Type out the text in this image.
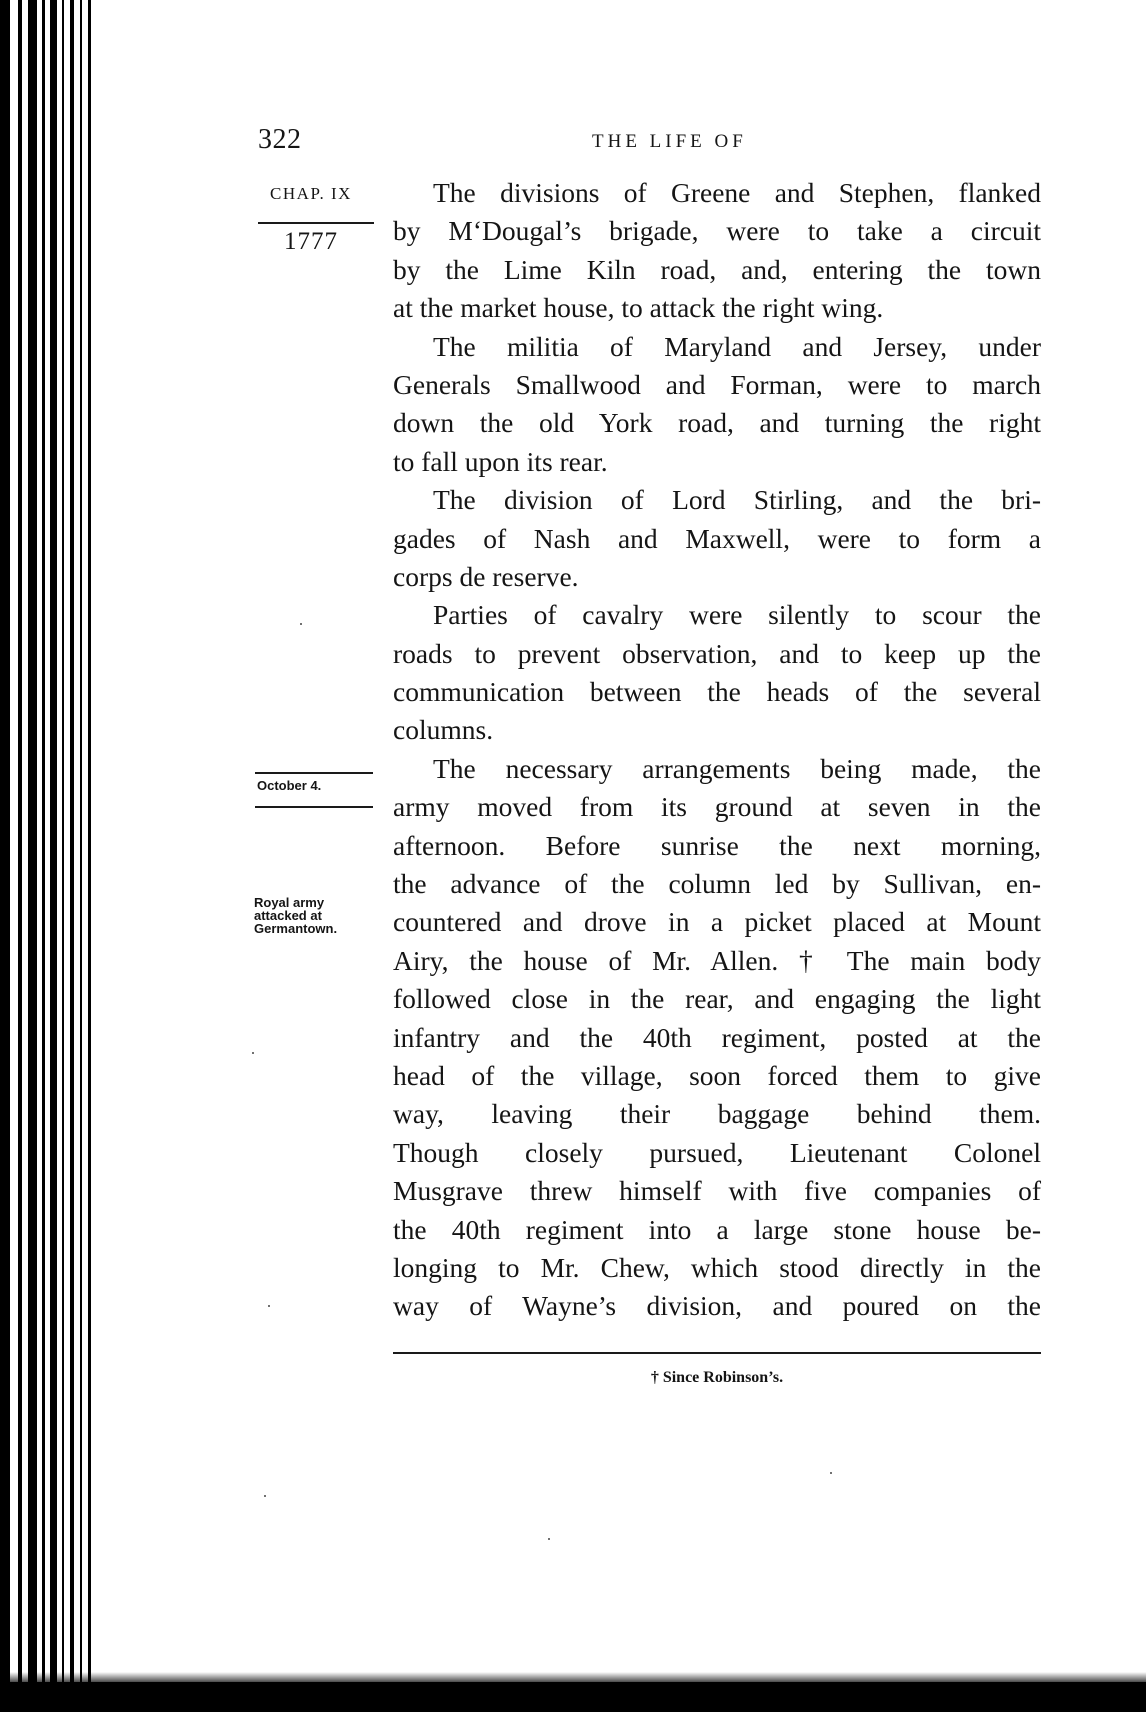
322	THE LIFE OF
CHAP. IX
1777
October 4.
Royal army
attacked at
Germantown.
The divisions of Greene and Stephen, flanked
by M‘Dougal’s brigade, were to take a circuit
by the Lime Kiln road, and, entering the town
at the market house, to attack the right wing.
The militia of Maryland and Jersey, under
Generals Smallwood and Forman, were to march
down the old York road, and turning the right
to fall upon its rear.
The division of Lord Stirling, and the bri-
gades of Nash and Maxwell, were to form a
corps de reserve.
Parties of cavalry were silently to scour the
roads to prevent observation, and to keep up the
communication between the heads of the several
columns.
The necessary arrangements being made, the
army moved from its ground at seven in the
afternoon. Before sunrise the next morning,
the advance of the column led by Sullivan, en-
countered and drove in a picket placed at Mount
Airy, the house of Mr. Allen. † The main body
followed close in the rear, and engaging the light
infantry and the 40th regiment, posted at the
head of the village, soon forced them to give
way, leaving their baggage behind them.
Though closely pursued, Lieutenant Colonel
Musgrave threw himself with five companies of
the 40th regiment into a large stone house be-
longing to Mr. Chew, which stood directly in the
way of Wayne’s division, and poured on the
† Since Robinson’s.
